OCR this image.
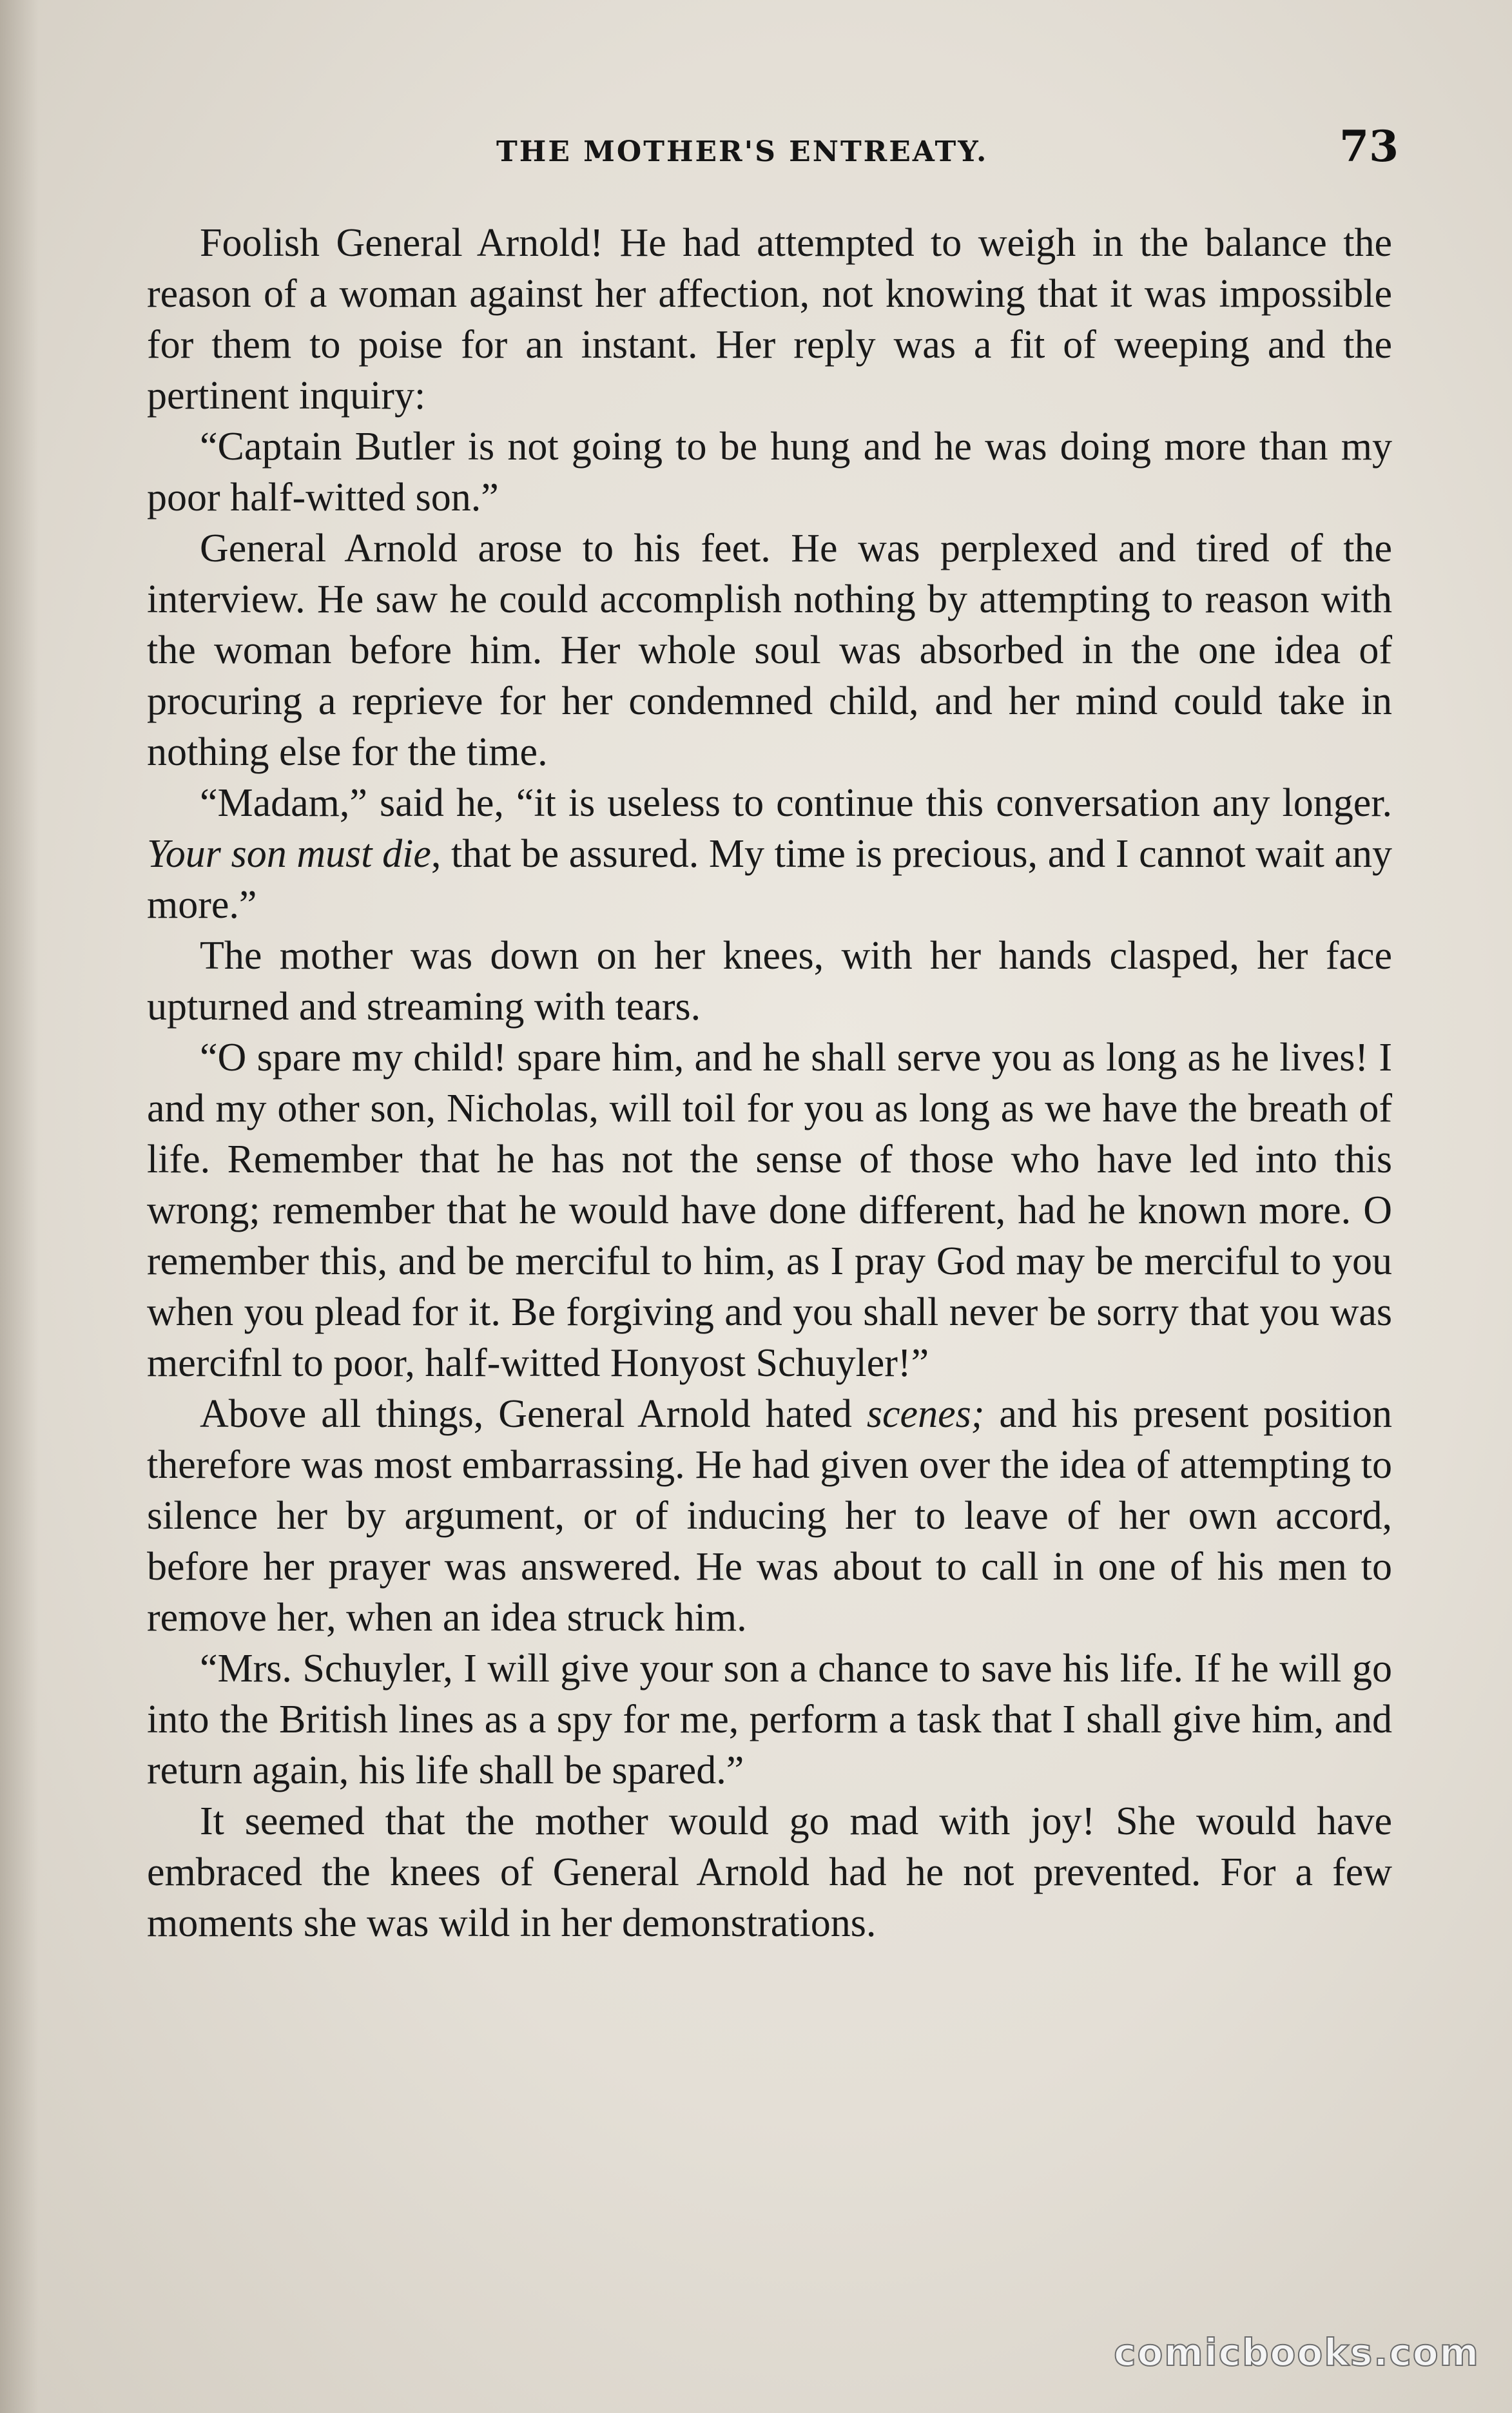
THE MOTHER'S ENTREATY.	73

Foolish General Arnold! He had attempted to weigh in the balance the reason of a woman against her affection, not knowing that it was impossible for them to poise for an instant. Her reply was a fit of weeping and the pertinent inquiry:

“Captain Butler is not going to be hung and he was doing more than my poor half-witted son.”

General Arnold arose to his feet. He was perplexed and tired of the interview. He saw he could accomplish nothing by attempting to reason with the woman before him. Her whole soul was absorbed in the one idea of procuring a reprieve for her condemned child, and her mind could take in nothing else for the time.

“Madam,” said he, “it is useless to continue this conversation any longer. Your son must die, that be assured. My time is precious, and I cannot wait any more.”

The mother was down on her knees, with her hands clasped, her face upturned and streaming with tears.

“O spare my child! spare him, and he shall serve you as long as he lives! I and my other son, Nicholas, will toil for you as long as we have the breath of life. Remember that he has not the sense of those who have led into this wrong; remember that he would have done different, had he known more. O remember this, and be merciful to him, as I pray God may be merciful to you when you plead for it. Be forgiving and you shall never be sorry that you was mercifnl to poor, half-witted Honyost Schuyler!”

Above all things, General Arnold hated scenes; and his present position therefore was most embarrassing. He had given over the idea of attempting to silence her by argument, or of inducing her to leave of her own accord, before her prayer was answered. He was about to call in one of his men to remove her, when an idea struck him.

“Mrs. Schuyler, I will give your son a chance to save his life. If he will go into the British lines as a spy for me, perform a task that I shall give him, and return again, his life shall be spared.”

It seemed that the mother would go mad with joy! She would have embraced the knees of General Arnold had he not prevented. For a few moments she was wild in her demonstrations.

comicbooks.com
